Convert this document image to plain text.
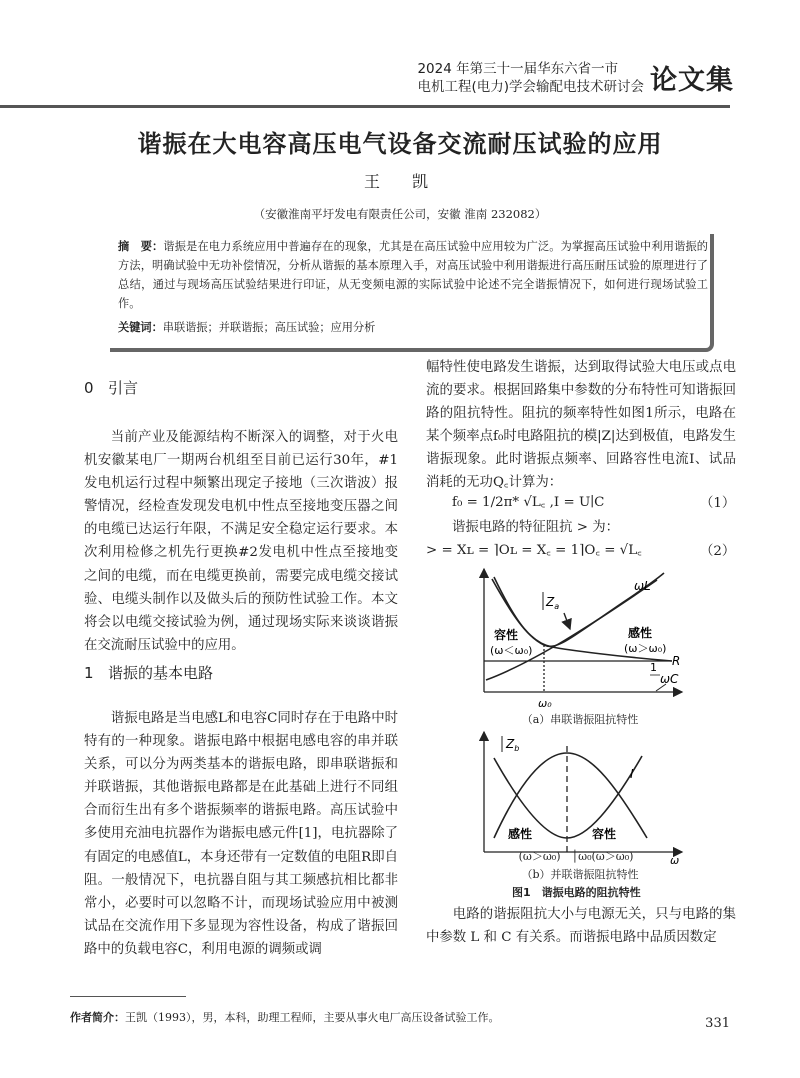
2024 年第三十一届华东六省一市
电机工程(电力)学会输配电技术研讨会 论文集
谐振在大电容高压电气设备交流耐压试验的应用
王　凯
（安徽淮南平圩发电有限责任公司，安徽 淮南 232082）
摘　要：谐振是在电力系统应用中普遍存在的现象，尤其是在高压试验中应用较为广泛。为掌握高压试验中利用谐振的方法，明确试验中无功补偿情况，分析从谐振的基本原理入手，对高压试验中利用谐振进行高压耐压试验的原理进行了总结，通过与现场高压试验结果进行印证，从无变频电源的实际试验中论述不完全谐振情况下，如何进行现场试验工作。
关键词：串联谐振；并联谐振；高压试验；应用分析
0 引言

当前产业及能源结构不断深入的调整，对于火电机安徽某电厂一期两台机组至目前已运行30年，#1发电机运行过程中频繁出现定子接地（三次谐波）报警情况，经检查发现发电机中性点至接地变压器之间的电缆已达运行年限，不满足安全稳定运行要求。本次利用检修之机先行更换#2发电机中性点至接地变之间的电缆，而在电缆更换前，需要完成电缆交接试验、电缆头制作以及做头后的预防性试验工作。本文将会以电缆交接试验为例，通过现场实际来谈谈谐振在交流耐压试验中的应用。

1 谐振的基本电路

谐振电路是当电感L和电容C同时存在于电路中时特有的一种现象。谐振电路中根据电感电容的串并联关系，可以分为两类基本的谐振电路，即串联谐振和并联谐振，其他谐振电路都是在此基础上进行不同组合而衍生出有多个谐振频率的谐振电路。高压试验中多使用充油电抗器作为谐振电感元件[1]，电抗器除了有固定的电感值L，本身还带有一定数值的电阻R即自阻。一般情况下，电抗器自阻与其工频感抗相比都非常小，必要时可以忽略不计，而现场试验应用中被测试品在交流作用下多显现为容性设备，构成了谐振回路中的负载电容C，利用电源的调频或调

幅特性使电路发生谐振，达到取得试验大电压或点电流的要求。根据回路集中参数的分布特性可知谐振回路的阻抗特性。阻抗的频率特性如图1所示，电路在某个频率点f₀时电路阻抗的模|Z|达到极值，电路发生谐振现象。此时谐振点频率、回路容性电流I、试品消耗的无功Q꜀计算为：

f₀ = 1/2π* √L꜀ ,I = U∣C	（1）
谐振电路的特征阻抗 > 为：
> = Xʟ = ⌉Oʟ = X꜀ = 1⌉O꜀ = √L꜀	（2）
$Z_a$
ωL
容性
(ω＜ω₀)
感性
(ω＞ω₀)
R
1
ωC
ω₀
（a）串联谐振阻抗特性
$Z_b$
I
感性	容性
ω
(ω＞ω₀)　│ω₀(ω＞ω₀)
（b）并联谐振阻抗特性
图1　谐振电路的阻抗特性

电路的谐振阻抗大小与电源无关，只与电路的集中参数 L 和 C 有关系。而谐振电路中品质因数定

作者简介：王凯（1993），男，本科，助理工程师，主要从事火电厂高压设备试验工作。	331
